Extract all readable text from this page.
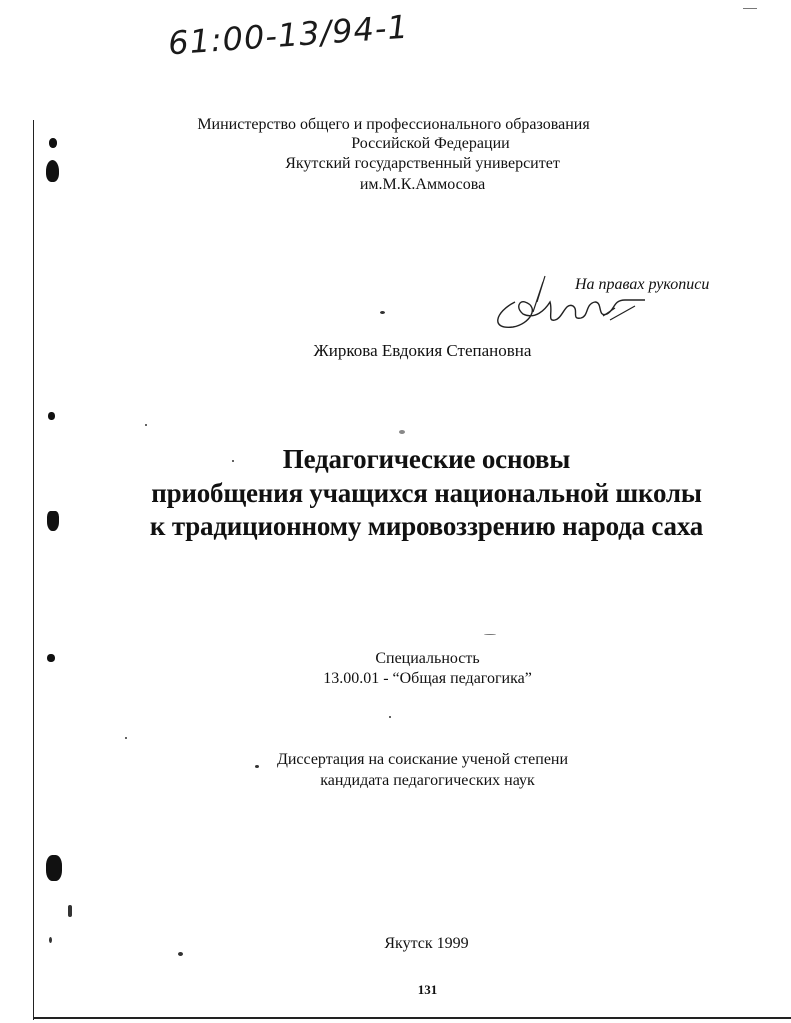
61:00-13/94-1
Министерство общего и профессионального образования
Российской Федерации
Якутский государственный университет
им.М.К.Аммосова
На правах рукописи
Жиркова
Жиркова Евдокия Степановна
Педагогические основы
приобщения учащихся национальной школы
к традиционному мировоззрению народа саха
Специальность
13.00.01 - “Общая педагогика”
Диссертация на соискание ученой степени
кандидата педагогических наук
Якутск 1999
131
